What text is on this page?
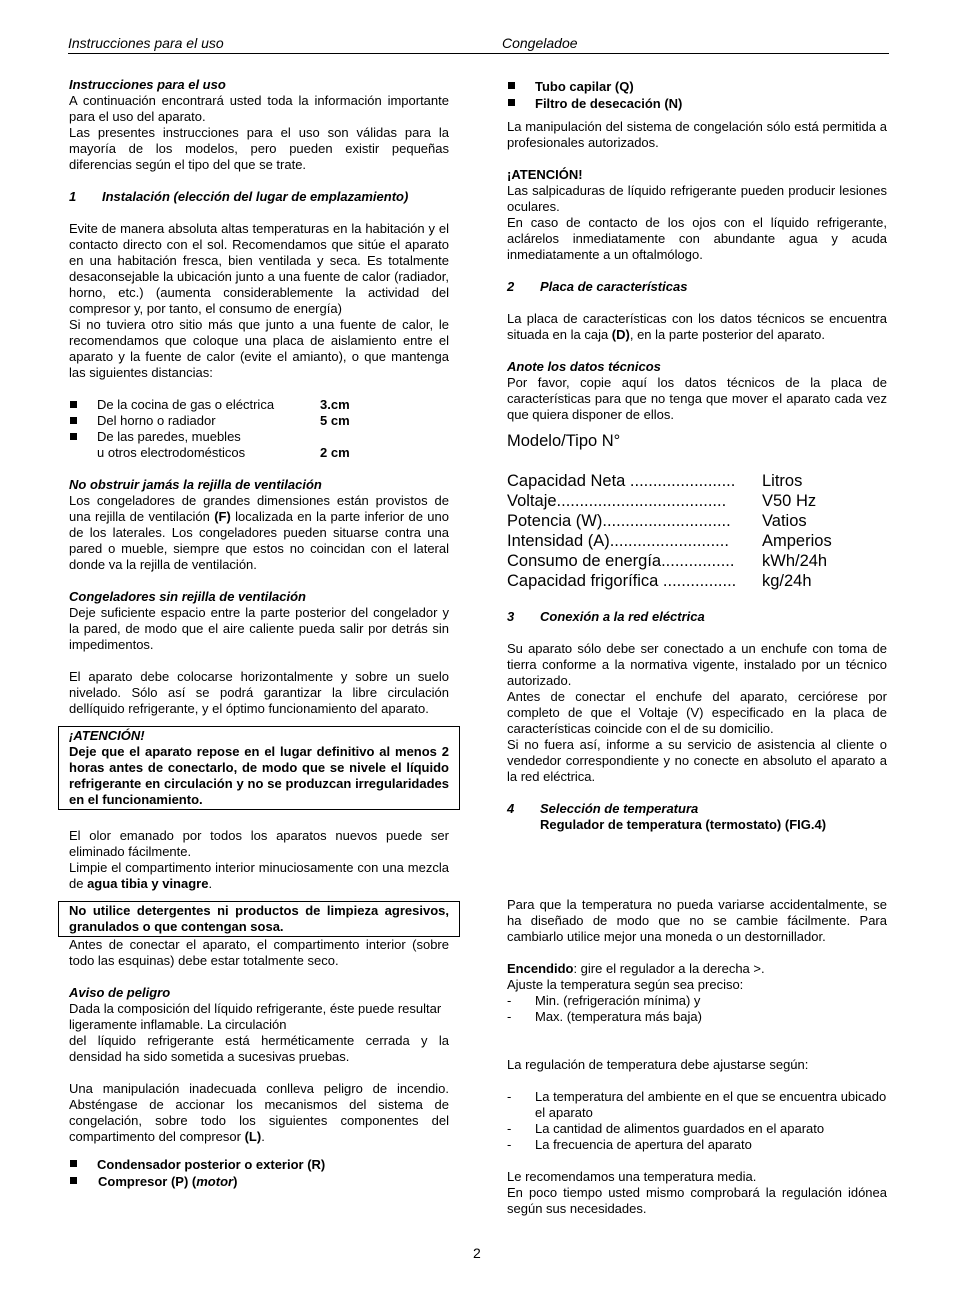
Instrucciones para el uso	Congeladoe

Instrucciones para el uso

A continuación encontrará usted toda la información importante para el uso del aparato.

Las presentes instrucciones para el uso son válidas para la mayoría de los modelos, pero pueden existir pequeñas diferencias según el tipo del que se trate.

1 Instalación (elección del lugar de emplazamiento)

Evite de manera absoluta altas temperaturas en la habitación y el contacto directo con el sol. Recomendamos que sitúe el aparato en una habitación fresca, bien ventilada y seca. Es totalmente desaconsejable la ubicación junto a una fuente de calor (radiador, horno, etc.) (aumenta considerablemente la actividad del compresor y, por tanto, el consumo de energía)

Si no tuviera otro sitio más que junto a una fuente de calor, le recomendamos que coloque una placa de aislamiento entre el aparato y la fuente de calor (evite el amianto), o que mantenga las siguientes distancias:

De la cocina de gas o eléctrica	3.cm
Del horno o radiador	5 cm
De las paredes, muebles
u otros electrodomésticos	2 cm

No obstruir jamás la rejilla de ventilación

Los congeladores de grandes dimensiones están provistos de una rejilla de ventilación (F) localizada en la parte inferior de uno de los laterales. Los congeladores pueden situarse contra una pared o mueble, siempre que estos no coincidan con el lateral donde va la rejilla de ventilación.

Congeladores sin rejilla de ventilación

Deje suficiente espacio entre la parte posterior del congelador y la pared, de modo que el aire caliente pueda salir por detrás sin impedimentos.

El aparato debe colocarse horizontalmente y sobre un suelo nivelado. Sólo así se podrá garantizar la libre circulación dellíquido refrigerante, y el óptimo funcionamiento del aparato.

¡ATENCIÓN!

Deje que el aparato repose en el lugar definitivo al menos 2 horas antes de conectarlo, de modo que se nivele el líquido refrigerante en circulación y no se produzcan irregularidades en el funcionamiento.

El olor emanado por todos los aparatos nuevos puede ser eliminado fácilmente.

Limpie el compartimento interior minuciosamente con una mezcla de agua tibia y vinagre.

No utilice detergentes ni productos de limpieza agresivos, granulados o que contengan sosa.

Antes de conectar el aparato, el compartimento interior (sobre todo las esquinas) debe estar totalmente seco.

Aviso de peligro

Dada la composición del líquido refrigerante, éste puede resultar ligeramente inflamable. La circulación

del líquido refrigerante está herméticamente cerrada y la densidad ha sido sometida a sucesivas pruebas.

Una manipulación inadecuada conlleva peligro de incendio. Absténgase de accionar los mecanismos del sistema de congelación, sobre todo los siguientes componentes del compartimento del compresor (L).

Condensador posterior o exterior (R)
Compresor (P) (motor)
Tubo capilar (Q)
Filtro de desecación (N)

La manipulación del sistema de congelación sólo está permitida a profesionales autorizados.

¡ATENCIÓN!

Las salpicaduras de líquido refrigerante pueden producir lesiones oculares.

En caso de contacto de los ojos con el líquido refrigerante, aclárelos inmediatamente con abundante agua y acuda inmediatamente a un oftalmólogo.

2 Placa de características

La placa de características con los datos técnicos se encuentra situada en la caja (D), en la parte posterior del aparato.

Anote los datos técnicos

Por favor, copie aquí los datos técnicos de la placa de características para que no tenga que mover el aparato cada vez que quiera disponer de ellos.

Modelo/Tipo N°

Capacidad Neta ....................... Litros
Voltaje..................................... V50 Hz
Potencia (W)............................ Vatios
Intensidad (A).......................... Amperios
Consumo de energía................ kWh/24h
Capacidad frigorífica ................ kg/24h

3 Conexión a la red eléctrica

Su aparato sólo debe ser conectado a un enchufe con toma de tierra conforme a la normativa vigente, instalado por un técnico autorizado.

Antes de conectar el enchufe del aparato, cerciórese por completo de que el Voltaje (V) especificado en la placa de características coincide con el de su domicilio.

Si no fuera así, informe a su servicio de asistencia al cliente o vendedor correspondiente y no conecte en absoluto el aparato a la red eléctrica.

4 Selección de temperatura

Regulador de temperatura (termostato) (FIG.4)

Para que la temperatura no pueda variarse accidentalmente, se ha diseñado de modo que no se cambie fácilmente. Para cambiarlo utilice mejor una moneda o un destornillador.

Encendido: gire el regulador a la derecha >.

Ajuste la temperatura según sea preciso:

- Min. (refrigeración mínima) y
- Max. (temperatura más baja)

La regulación de temperatura debe ajustarse según:

- La temperatura del ambiente en el que se encuentra ubicado el aparato
- La cantidad de alimentos guardados en el aparato
- La frecuencia de apertura del aparato

Le recomendamos una temperatura media.

En poco tiempo usted mismo comprobará la regulación idónea según sus necesidades.

2
